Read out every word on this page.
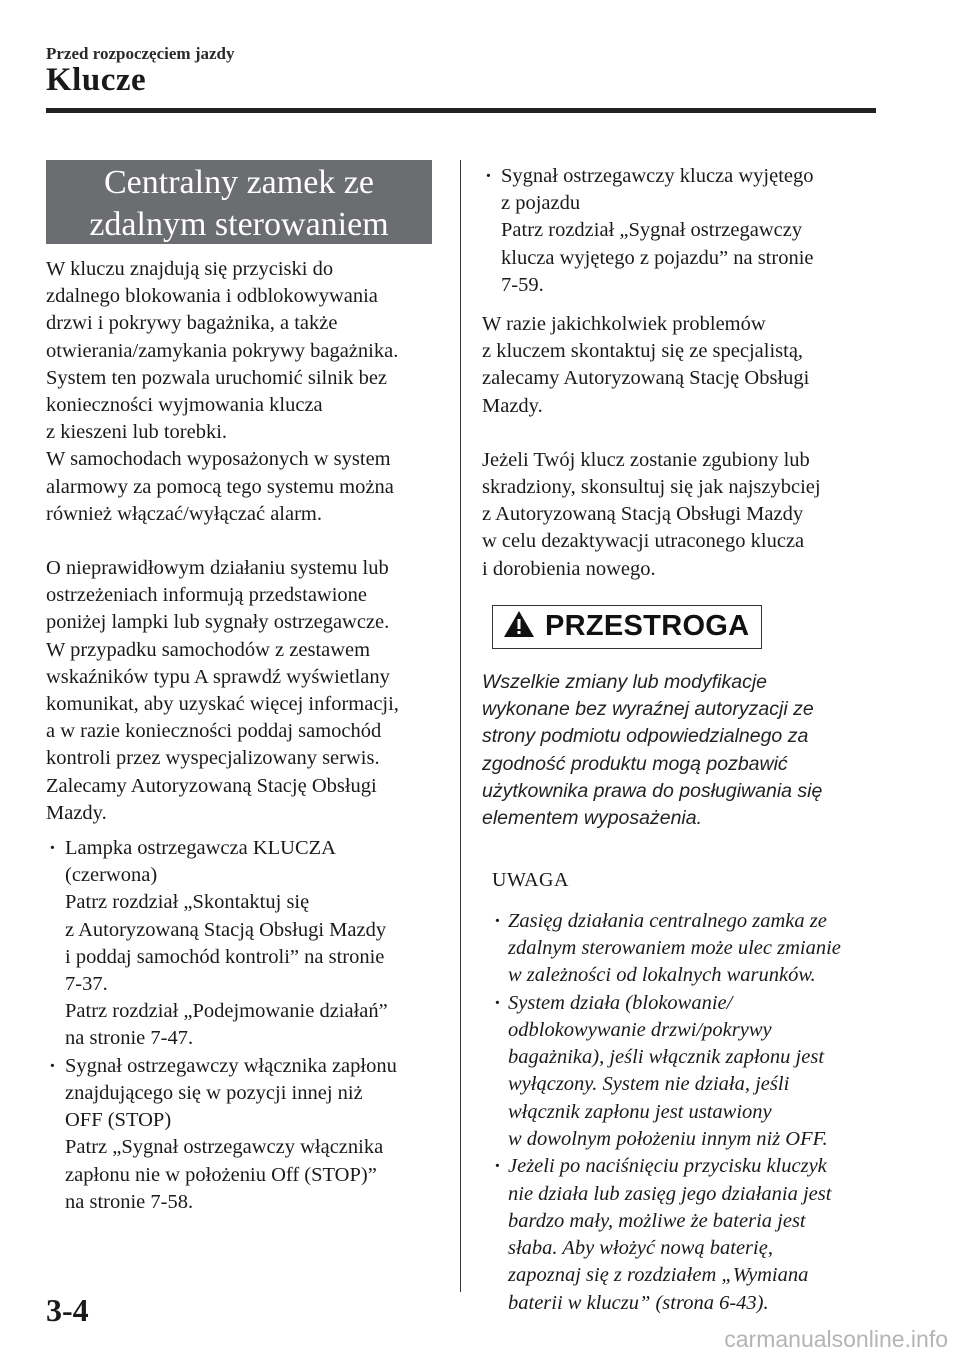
Przed rozpoczęciem jazdy
Klucze
Centralny zamek ze
zdalnym sterowaniem
W kluczu znajdują się przyciski do
zdalnego blokowania i odblokowywania
drzwi i pokrywy bagażnika, a także
otwierania/zamykania pokrywy bagażnika.
System ten pozwala uruchomić silnik bez
konieczności wyjmowania klucza
z kieszeni lub torebki.
W samochodach wyposażonych w system
alarmowy za pomocą tego systemu można
również włączać/wyłączać alarm.
O nieprawidłowym działaniu systemu lub
ostrzeżeniach informują przedstawione
poniżej lampki lub sygnały ostrzegawcze.
W przypadku samochodów z zestawem
wskaźników typu A sprawdź wyświetlany
komunikat, aby uzyskać więcej informacji,
a w razie konieczności poddaj samochód
kontroli przez wyspecjalizowany serwis.
Zalecamy Autoryzowaną Stację Obsługi
Mazdy.
· Lampka ostrzegawcza KLUCZA
(czerwona)
Patrz rozdział „Skontaktuj się
z Autoryzowaną Stacją Obsługi Mazdy
i poddaj samochód kontroli” na stronie
7-37.
Patrz rozdział „Podejmowanie działań”
na stronie 7-47.
· Sygnał ostrzegawczy włącznika zapłonu
znajdującego się w pozycji innej niż
OFF (STOP)
Patrz „Sygnał ostrzegawczy włącznika
zapłonu nie w położeniu Off (STOP)”
na stronie 7-58.
· Sygnał ostrzegawczy klucza wyjętego
z pojazdu
Patrz rozdział „Sygnał ostrzegawczy
klucza wyjętego z pojazdu” na stronie
7-59.
W razie jakichkolwiek problemów
z kluczem skontaktuj się ze specjalistą,
zalecamy Autoryzowaną Stację Obsługi
Mazdy.
Jeżeli Twój klucz zostanie zgubiony lub
skradziony, skonsultuj się jak najszybciej
z Autoryzowaną Stacją Obsługi Mazdy
w celu dezaktywacji utraconego klucza
i dorobienia nowego.
PRZESTROGA
Wszelkie zmiany lub modyfikacje
wykonane bez wyraźnej autoryzacji ze
strony podmiotu odpowiedzialnego za
zgodność produktu mogą pozbawić
użytkownika prawa do posługiwania się
elementem wyposażenia.
UWAGA
· Zasięg działania centralnego zamka ze
zdalnym sterowaniem może ulec zmianie
w zależności od lokalnych warunków.
· System działa (blokowanie/
odblokowywanie drzwi/pokrywy
bagażnika), jeśli włącznik zapłonu jest
wyłączony. System nie działa, jeśli
włącznik zapłonu jest ustawiony
w dowolnym położeniu innym niż OFF.
· Jeżeli po naciśnięciu przycisku kluczyk
nie działa lub zasięg jego działania jest
bardzo mały, możliwe że bateria jest
słaba. Aby włożyć nową baterię,
zapoznaj się z rozdziałem „Wymiana
baterii w kluczu” (strona 6-43).
3-4
carmanualsonline.info
